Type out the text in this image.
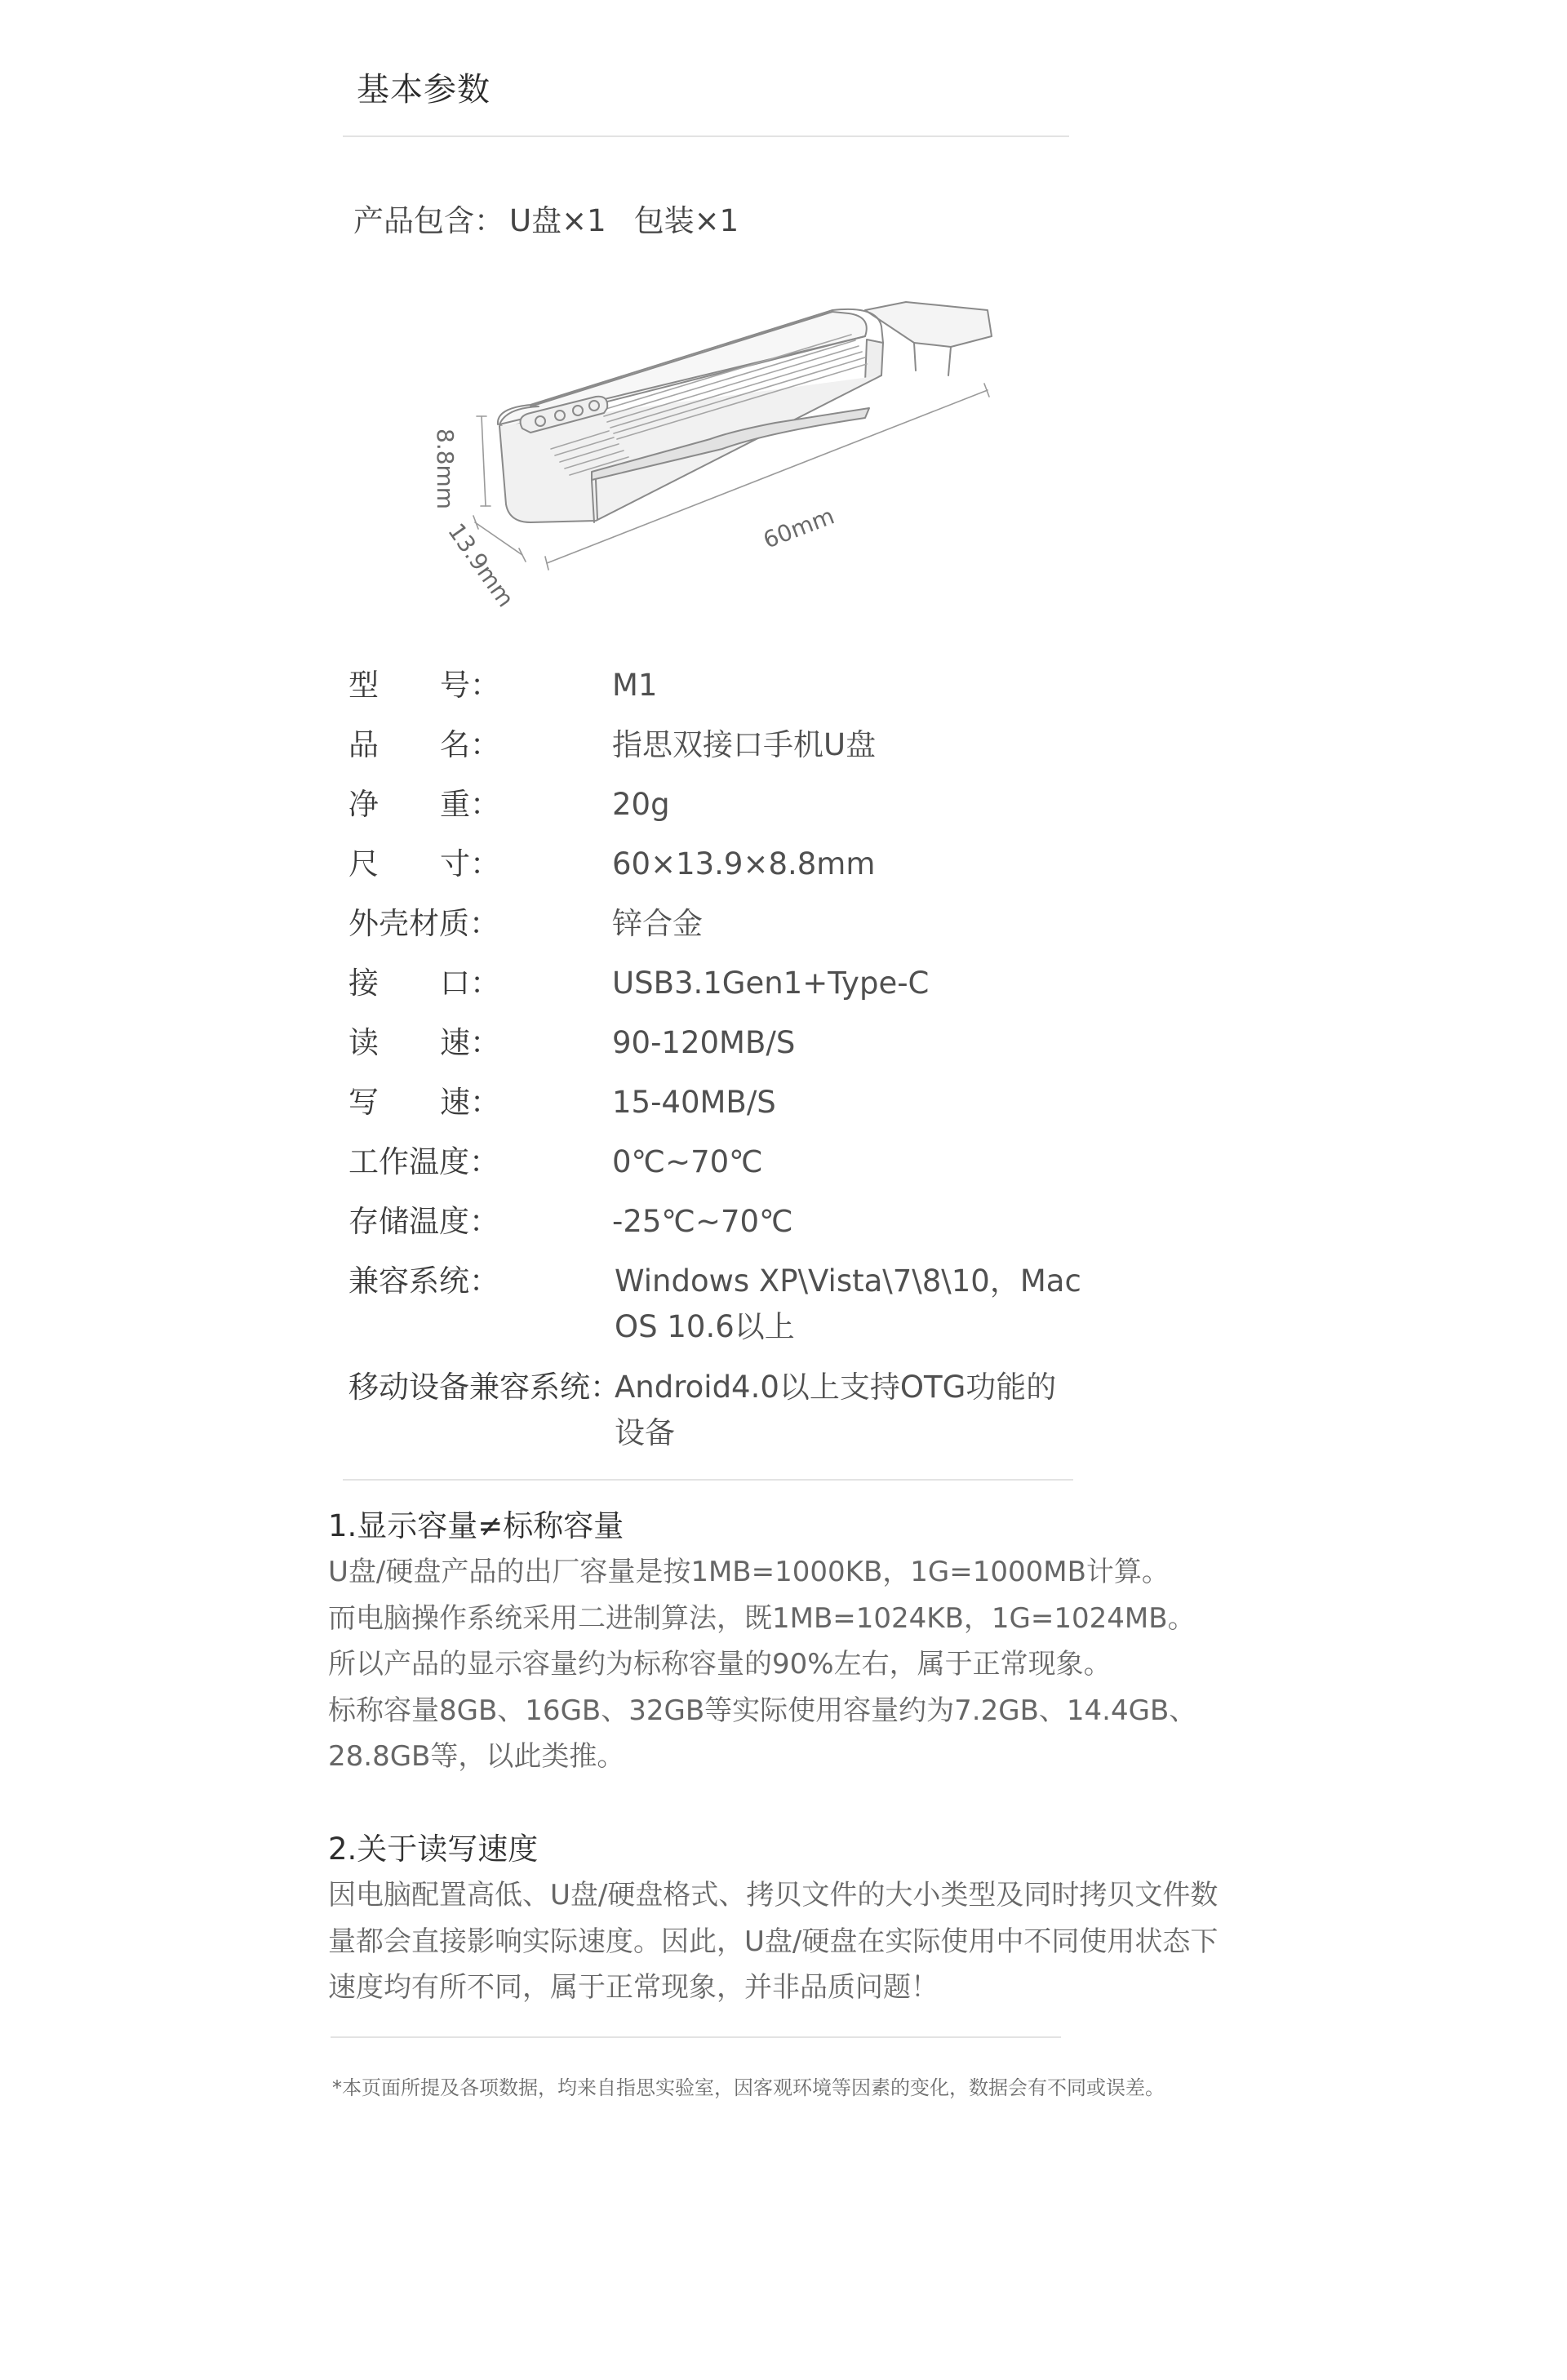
基本参数
产品包含： U盘×1 包装×1
8.8mm
13.9mm	60mm
型 号：	M1
品 名：	指思双接口手机U盘
净 重：	20g
尺 寸：	60×13.9×8.8mm
外壳材质：	锌合金
接 口：	USB3.1Gen1+Type-C
读 速：	90-120MB/S
写 速：	15-40MB/S
工作温度：	0℃~70℃
存储温度：	-25℃~70℃
兼容系统：	Windows XP\Vista\7\8\10，Mac
OS 10.6以上
移动设备兼容系统：
Android4.0以上支持OTG功能的
设备
1.显示容量≠标称容量
U盘/硬盘产品的出厂容量是按1MB=1000KB，1G=1000MB计算。
而电脑操作系统采用二进制算法，既1MB=1024KB，1G=1024MB。
所以产品的显示容量约为标称容量的90%左右，属于正常现象。
标称容量8GB、16GB、32GB等实际使用容量约为7.2GB、14.4GB、
28.8GB等，以此类推。
2.关于读写速度
因电脑配置高低、U盘/硬盘格式、拷贝文件的大小类型及同时拷贝文件数
量都会直接影响实际速度。因此，U盘/硬盘在实际使用中不同使用状态下
速度均有所不同，属于正常现象，并非品质问题！
*本页面所提及各项数据，均来自指思实验室，因客观环境等因素的变化，数据会有不同或误差。
